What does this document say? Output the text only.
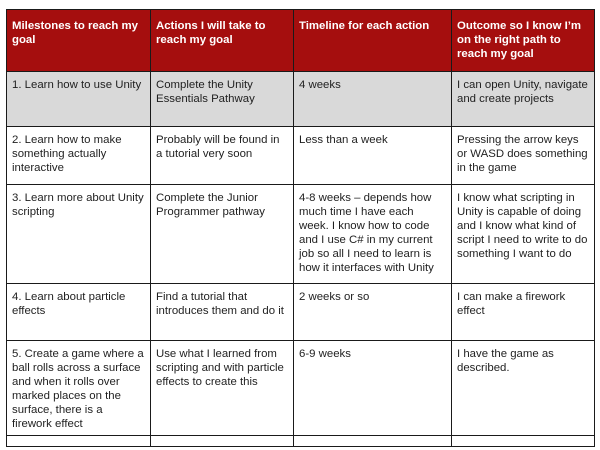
Milestones to reach my goal	Actions I will take to reach my goal	Timeline for each action	Outcome so I know I’m on the right path to reach my goal
1. Learn how to use Unity	Complete the Unity Essentials Pathway	4 weeks	I can open Unity, navigate and create projects
2. Learn how to make something actually interactive	Probably will be found in a tutorial very soon	Less than a week	Pressing the arrow keys or WASD does something in the game
3. Learn more about Unity scripting	Complete the Junior Programmer pathway	4-8 weeks – depends how much time I have each week. I know how to code and I use C# in my current job so all I need to learn is how it interfaces with Unity	I know what scripting in Unity is capable of doing and I know what kind of script I need to write to do something I want to do
4. Learn about particle effects	Find a tutorial that introduces them and do it	2 weeks or so	I can make a firework effect
5. Create a game where a ball rolls across a surface and when it rolls over marked places on the surface, there is a firework effect	Use what I learned from scripting and with particle effects to create this	6-9 weeks	I have the game as described.
